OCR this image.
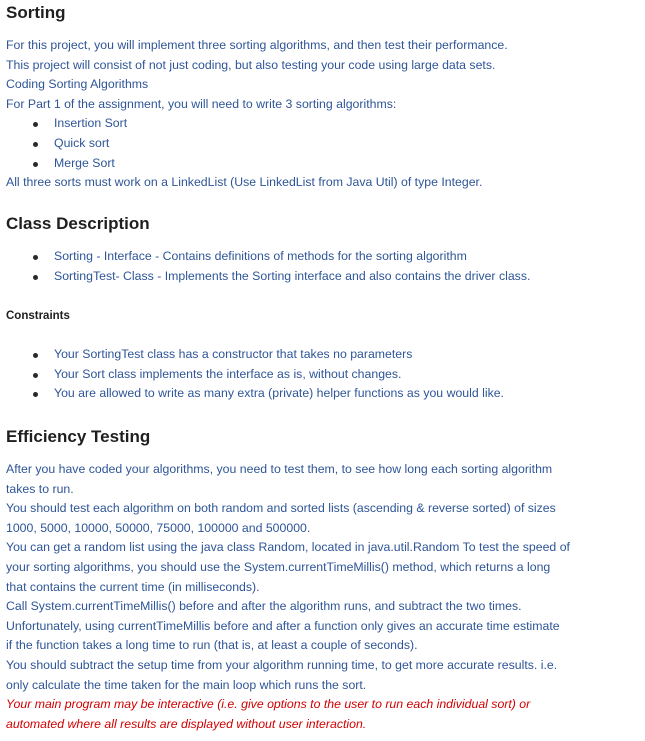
Sorting

For this project, you will implement three sorting algorithms, and then test their performance.

This project will consist of not just coding, but also testing your code using large data sets.

Coding Sorting Algorithms

For Part 1 of the assignment, you will need to write 3 sorting algorithms:

Insertion Sort
Quick sort
Merge Sort

All three sorts must work on a LinkedList (Use LinkedList from Java Util) of type Integer.

Class Description
Sorting - Interface - Contains definitions of methods for the sorting algorithm
SortingTest- Class - Implements the Sorting interface and also contains the driver class.
Constraints
Your SortingTest class has a constructor that takes no parameters
Your Sort class implements the interface as is, without changes.
You are allowed to write as many extra (private) helper functions as you would like.
Efficiency Testing

After you have coded your algorithms, you need to test them, to see how long each sorting algorithm

takes to run.

You should test each algorithm on both random and sorted lists (ascending & reverse sorted) of sizes

1000, 5000, 10000, 50000, 75000, 100000 and 500000.

You can get a random list using the java class Random, located in java.util.Random To test the speed of

your sorting algorithms, you should use the System.currentTimeMillis() method, which returns a long

that contains the current time (in milliseconds).

Call System.currentTimeMillis() before and after the algorithm runs, and subtract the two times.

Unfortunately, using currentTimeMillis before and after a function only gives an accurate time estimate

if the function takes a long time to run (that is, at least a couple of seconds).

You should subtract the setup time from your algorithm running time, to get more accurate results. i.e.

only calculate the time taken for the main loop which runs the sort.

Your main program may be interactive (i.e. give options to the user to run each individual sort) or

automated where all results are displayed without user interaction.
